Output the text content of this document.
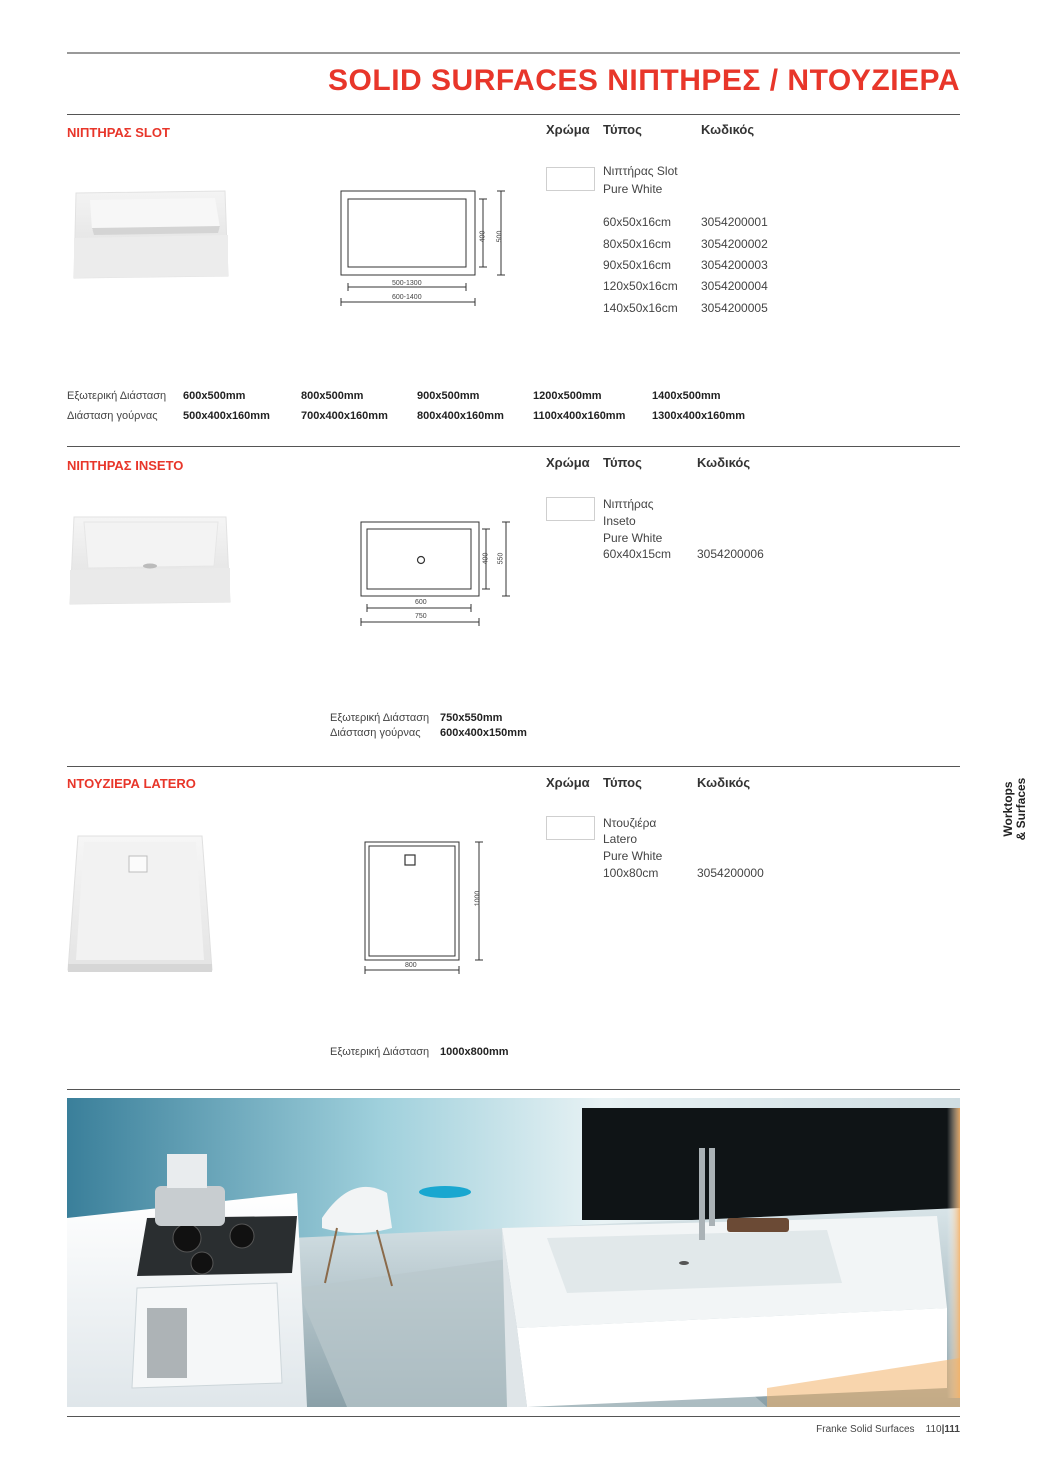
SOLID SURFACES ΝΙΠΤΗΡΕΣ / ΝΤΟΥΖΙΕΡΑ
ΝΙΠΤΗΡΑΣ SLOT	Χρώμα Τύπος	Κωδικός
500-1300
600-1400
400 500
Νιπτήρας Slot
Pure White
60x50x16cm 3054200001
80x50x16cm 3054200002
90x50x16cm 3054200003
120x50x16cm 3054200004
140x50x16cm 3054200005
Εξωτερική Διάσταση 600x500mm	800x500mm	900x500mm	1200x500mm	1400x500mm
Διάσταση γούρνας 500x400x160mm	700x400x160mm	800x400x160mm	1100x400x160mm 1300x400x160mm
ΝΙΠΤΗΡΑΣ INSETO	Χρώμα Τύπος	Κωδικός
600
750
400 550
Νιπτήρας
Inseto
Pure White
60x40x15cm 3054200006
Εξωτερική Διάσταση 750x550mm
Διάσταση γούρνας 600x400x150mm
ΝΤΟΥΖΙΕΡΑ LATERO	Χρώμα Τύπος	Κωδικός
800
1000
Ντουζιέρα
Latero
Pure White
100x80cm	3054200000
Εξωτερική Διάσταση 1000x800mm
Worktops
& Surfaces
Franke Solid Surfaces 110|111
